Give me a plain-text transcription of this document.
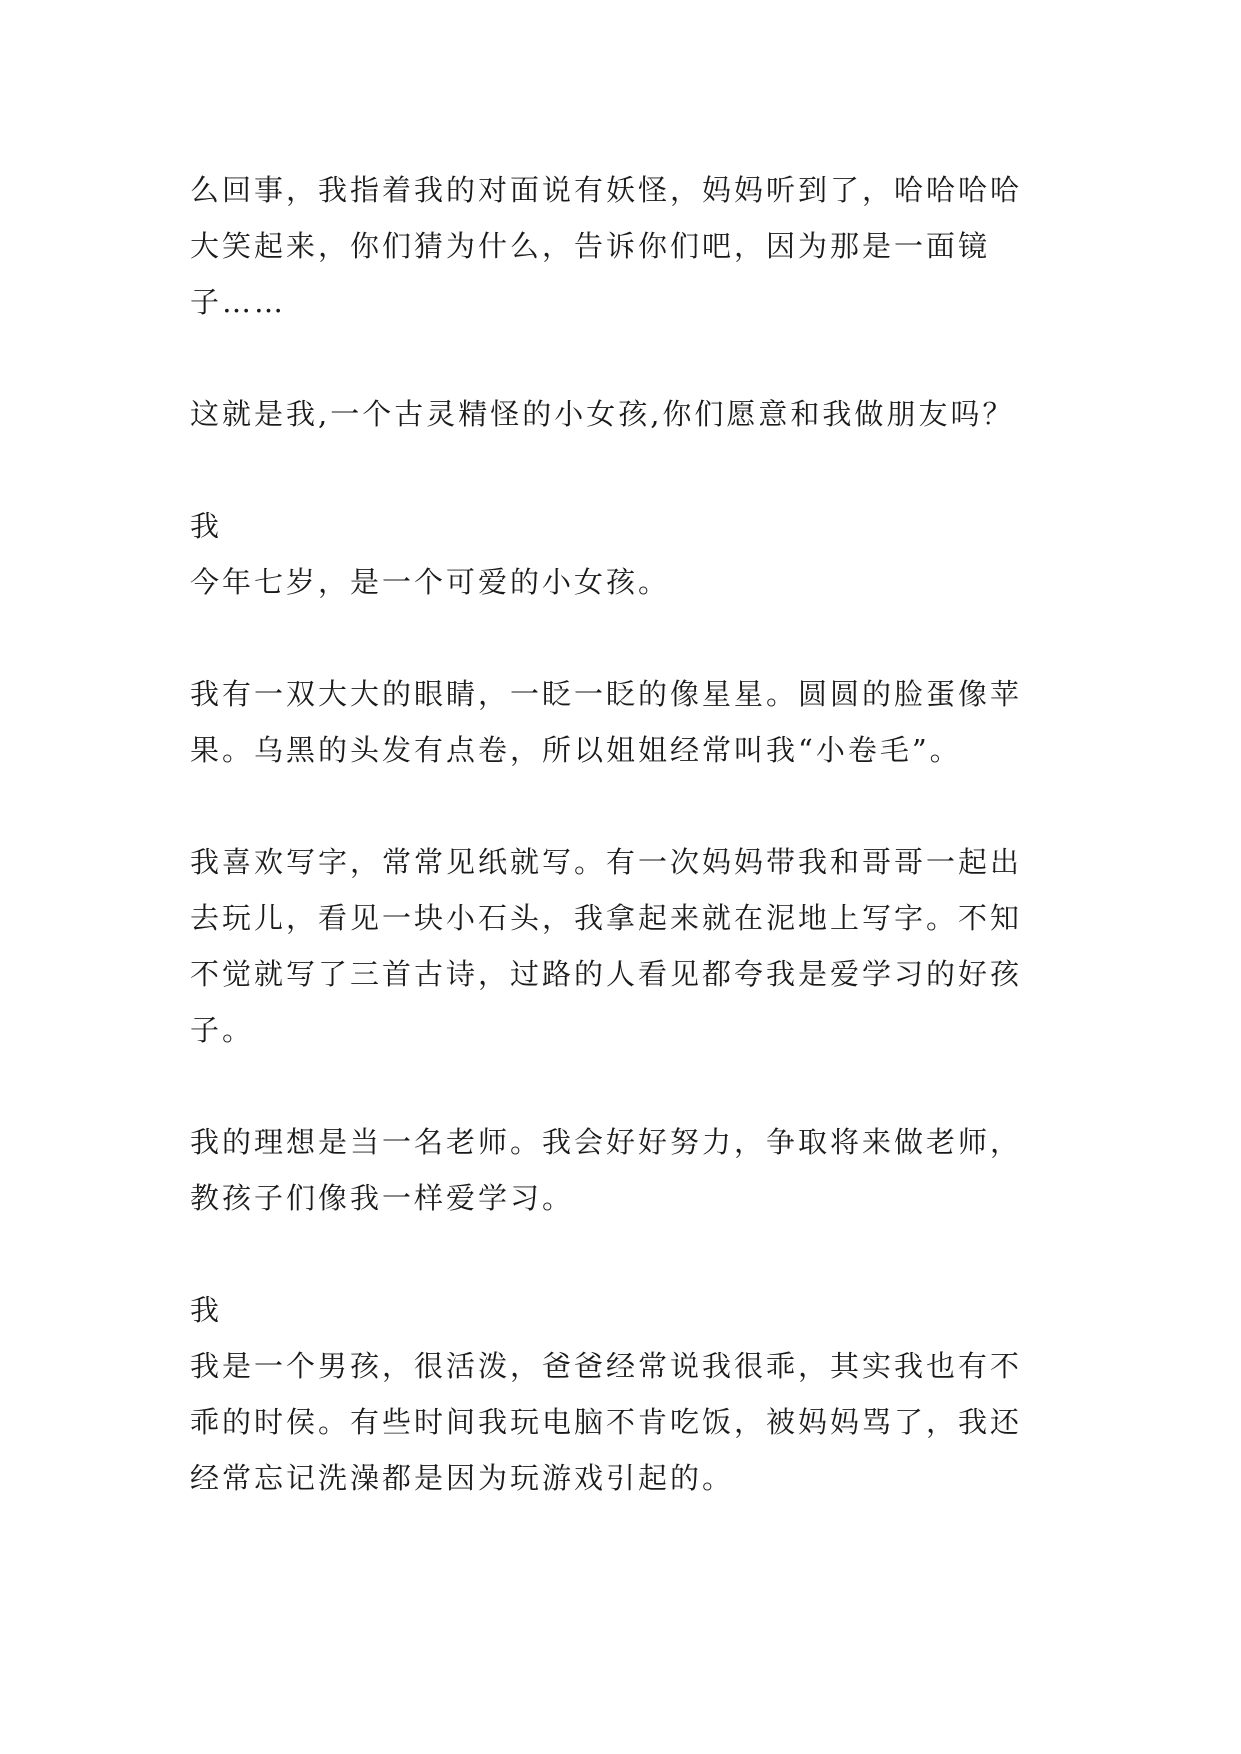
么回事，我指着我的对面说有妖怪，妈妈听到了，哈哈哈哈
大笑起来，你们猜为什么，告诉你们吧，因为那是一面镜
子……
这就是我,一个古灵精怪的小女孩,你们愿意和我做朋友吗？
我
今年七岁，是一个可爱的小女孩。
我有一双大大的眼睛，一眨一眨的像星星。圆圆的脸蛋像苹
果。乌黑的头发有点卷，所以姐姐经常叫我“小卷毛”。
我喜欢写字，常常见纸就写。有一次妈妈带我和哥哥一起出
去玩儿，看见一块小石头，我拿起来就在泥地上写字。不知
不觉就写了三首古诗，过路的人看见都夸我是爱学习的好孩
子。
我的理想是当一名老师。我会好好努力，争取将来做老师，
教孩子们像我一样爱学习。
我
我是一个男孩，很活泼，爸爸经常说我很乖，其实我也有不
乖的时侯。有些时间我玩电脑不肯吃饭，被妈妈骂了，我还
经常忘记洗澡都是因为玩游戏引起的。
